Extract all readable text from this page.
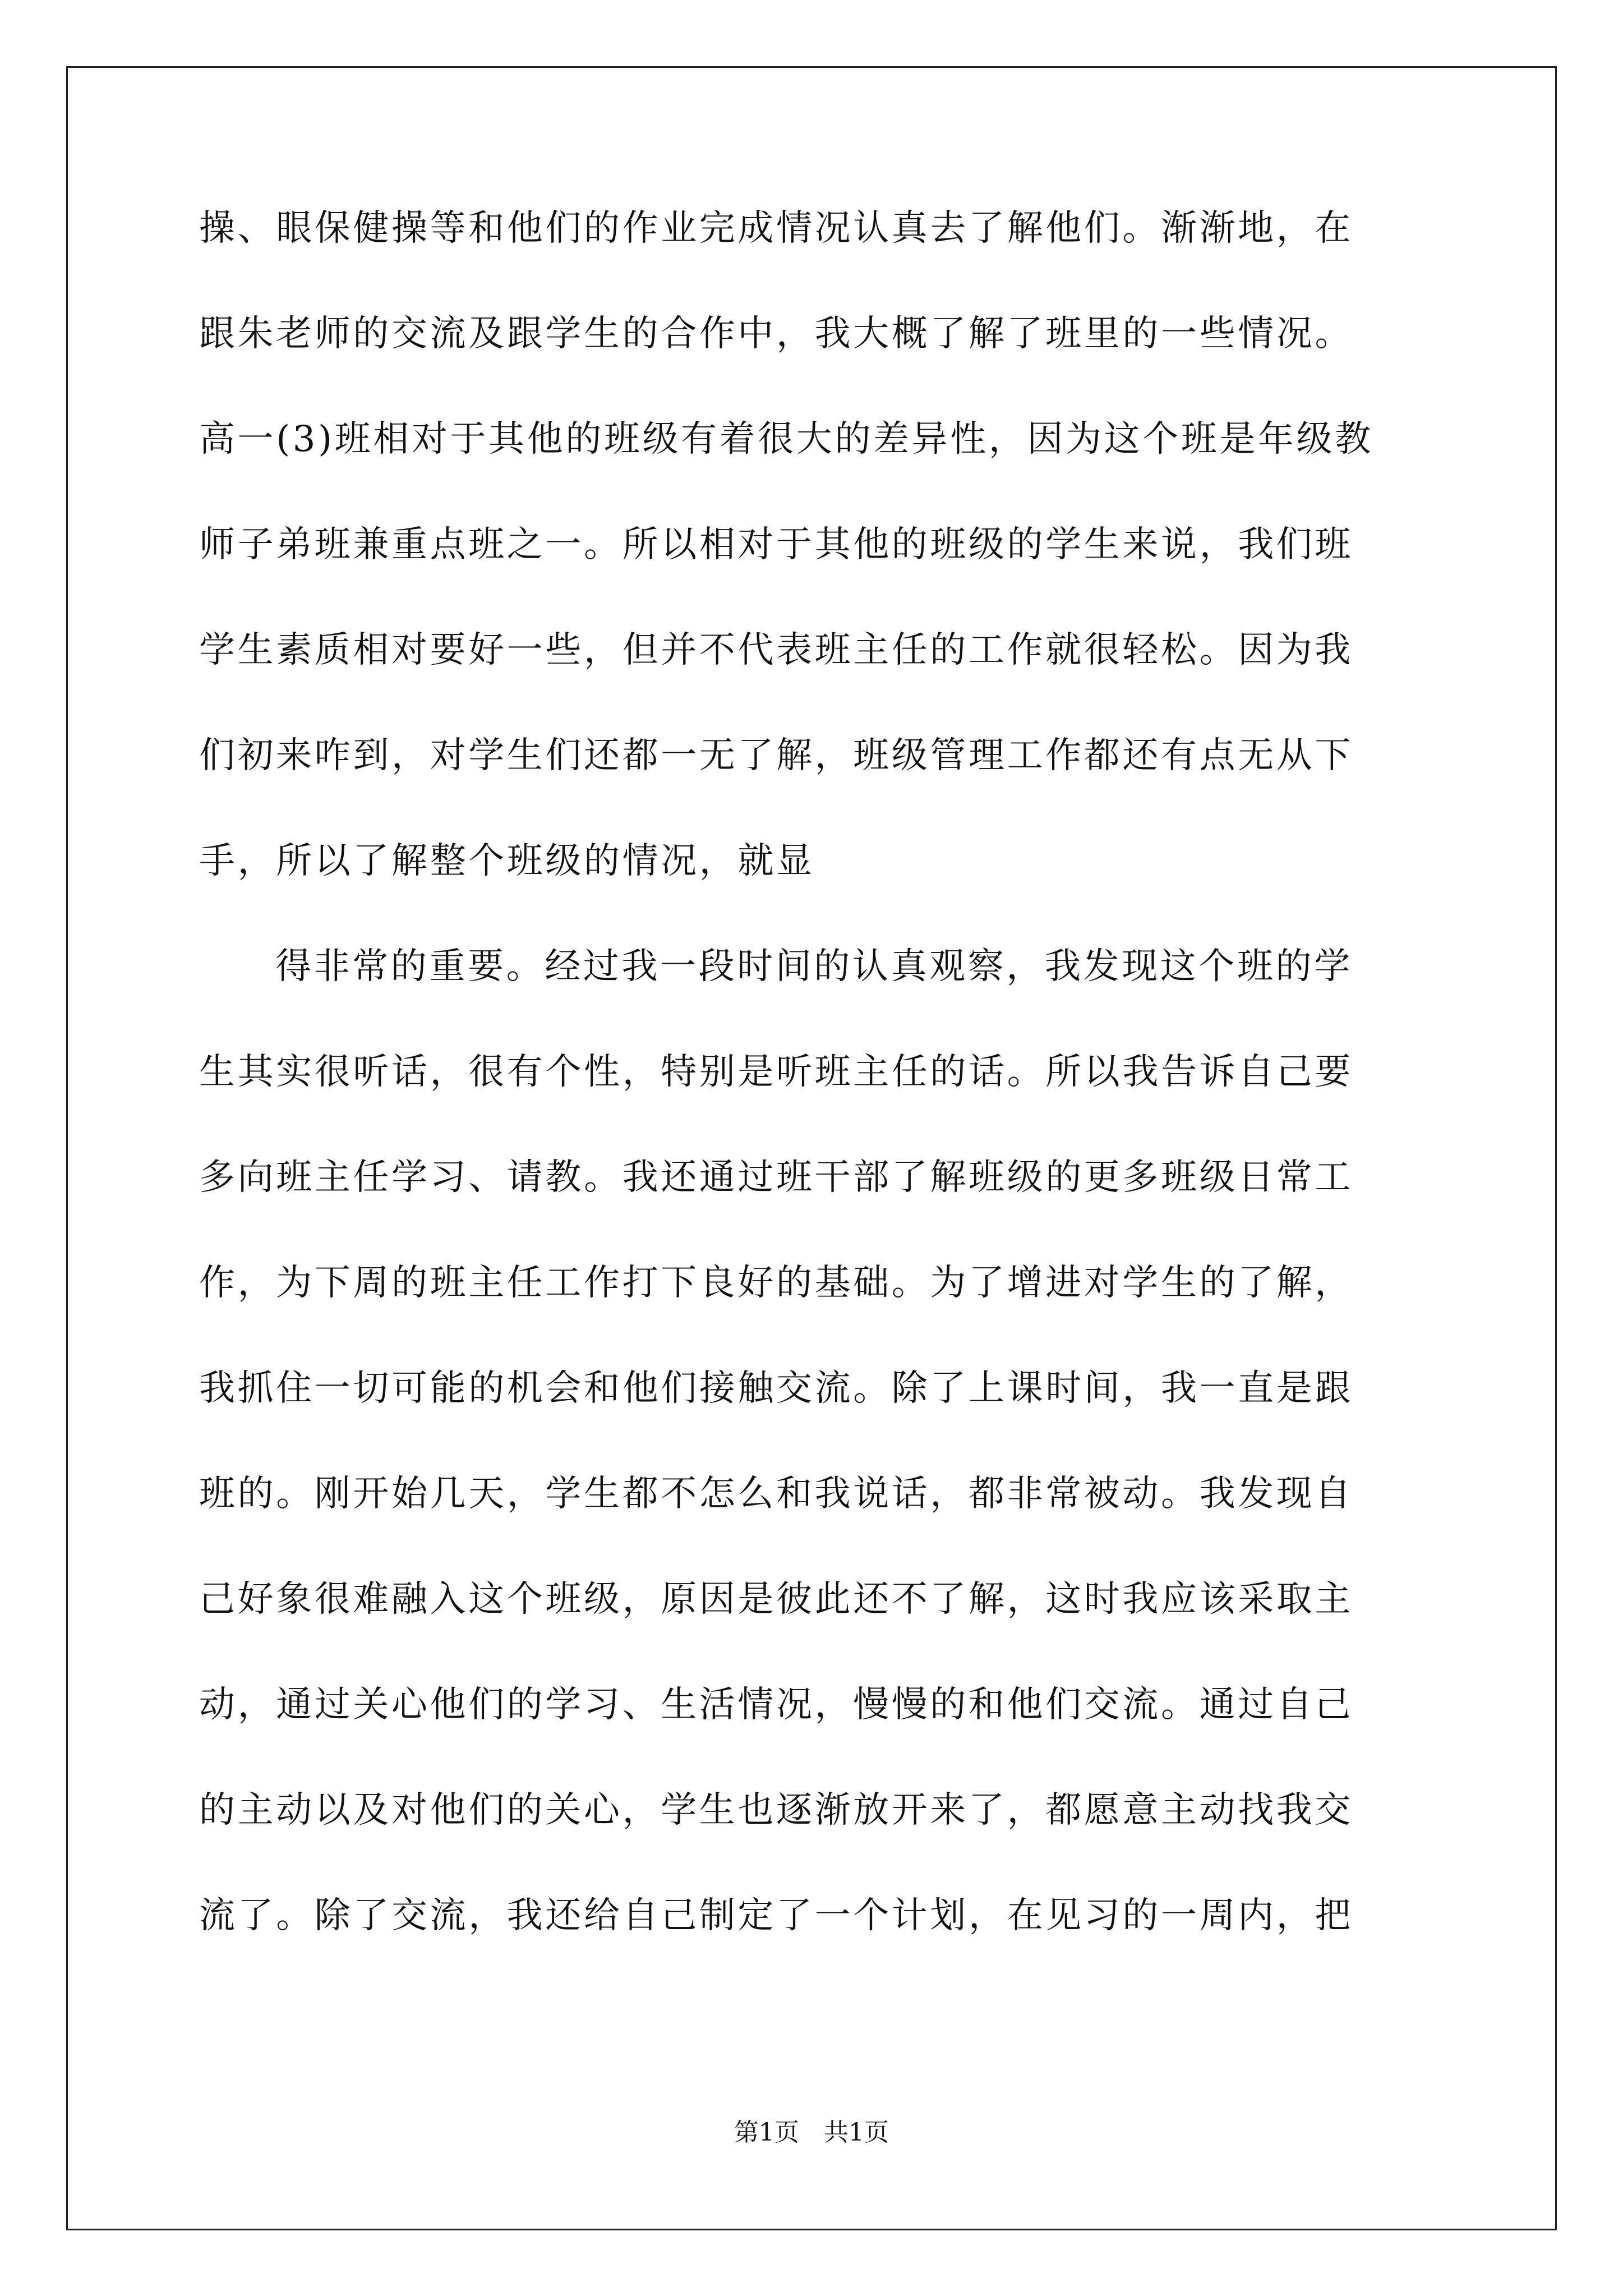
操、眼保健操等和他们的作业完成情况认真去了解他们。渐渐地，在
跟朱老师的交流及跟学生的合作中，我大概了解了班里的一些情况。
高一(3)班相对于其他的班级有着很大的差异性，因为这个班是年级教
师子弟班兼重点班之一。所以相对于其他的班级的学生来说，我们班
学生素质相对要好一些，但并不代表班主任的工作就很轻松。因为我
们初来咋到，对学生们还都一无了解，班级管理工作都还有点无从下
手，所以了解整个班级的情况，就显
得非常的重要。经过我一段时间的认真观察，我发现这个班的学
生其实很听话，很有个性，特别是听班主任的话。所以我告诉自己要
多向班主任学习、请教。我还通过班干部了解班级的更多班级日常工
作，为下周的班主任工作打下良好的基础。为了增进对学生的了解，
我抓住一切可能的机会和他们接触交流。除了上课时间，我一直是跟
班的。刚开始几天，学生都不怎么和我说话，都非常被动。我发现自
己好象很难融入这个班级，原因是彼此还不了解，这时我应该采取主
动，通过关心他们的学习、生活情况，慢慢的和他们交流。通过自己
的主动以及对他们的关心，学生也逐渐放开来了，都愿意主动找我交
流了。除了交流，我还给自己制定了一个计划，在见习的一周内，把
第1页　共1页
